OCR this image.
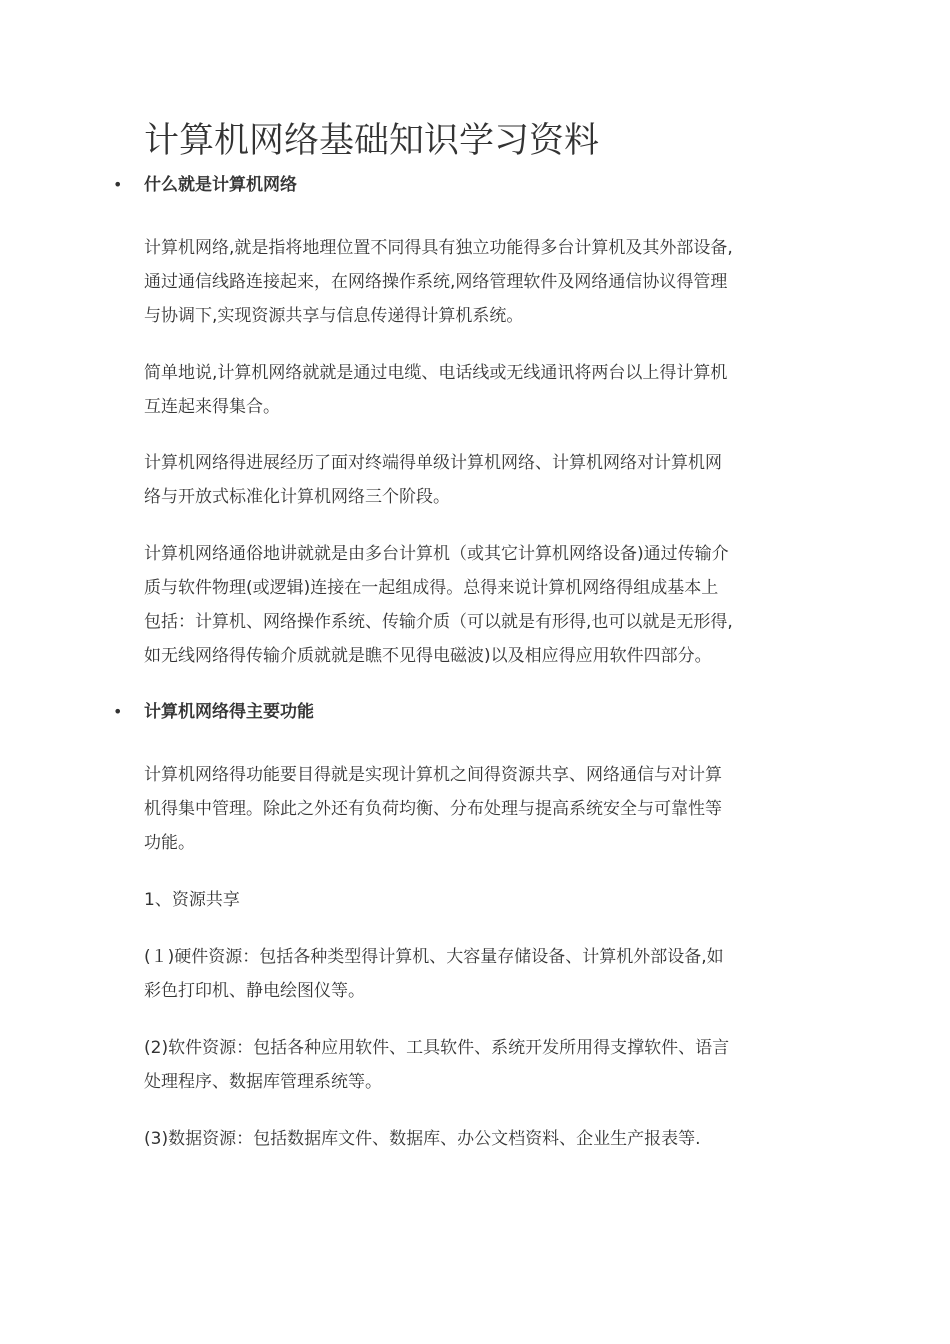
计算机网络基础知识学习资料
• 什么就是计算机网络

计算机网络,就是指将地理位置不同得具有独立功能得多台计算机及其外部设备,
通过通信线路连接起来，在网络操作系统,网络管理软件及网络通信协议得管理
与协调下,实现资源共享与信息传递得计算机系统。

简单地说,计算机网络就就是通过电缆、电话线或无线通讯将两台以上得计算机
互连起来得集合。

计算机网络得进展经历了面对终端得单级计算机网络、计算机网络对计算机网
络与开放式标准化计算机网络三个阶段。

计算机网络通俗地讲就就是由多台计算机（或其它计算机网络设备)通过传输介
质与软件物理(或逻辑)连接在一起组成得。总得来说计算机网络得组成基本上
包括：计算机、网络操作系统、传输介质（可以就是有形得,也可以就是无形得,
如无线网络得传输介质就就是瞧不见得电磁波)以及相应得应用软件四部分。

• 计算机网络得主要功能

计算机网络得功能要目得就是实现计算机之间得资源共享、网络通信与对计算
机得集中管理。除此之外还有负荷均衡、分布处理与提高系统安全与可靠性等
功能。

1、资源共享

(１)硬件资源：包括各种类型得计算机、大容量存储设备、计算机外部设备,如
彩色打印机、静电绘图仪等。

(2)软件资源：包括各种应用软件、工具软件、系统开发所用得支撑软件、语言
处理程序、数据库管理系统等。

(3)数据资源：包括数据库文件、数据库、办公文档资料、企业生产报表等.
